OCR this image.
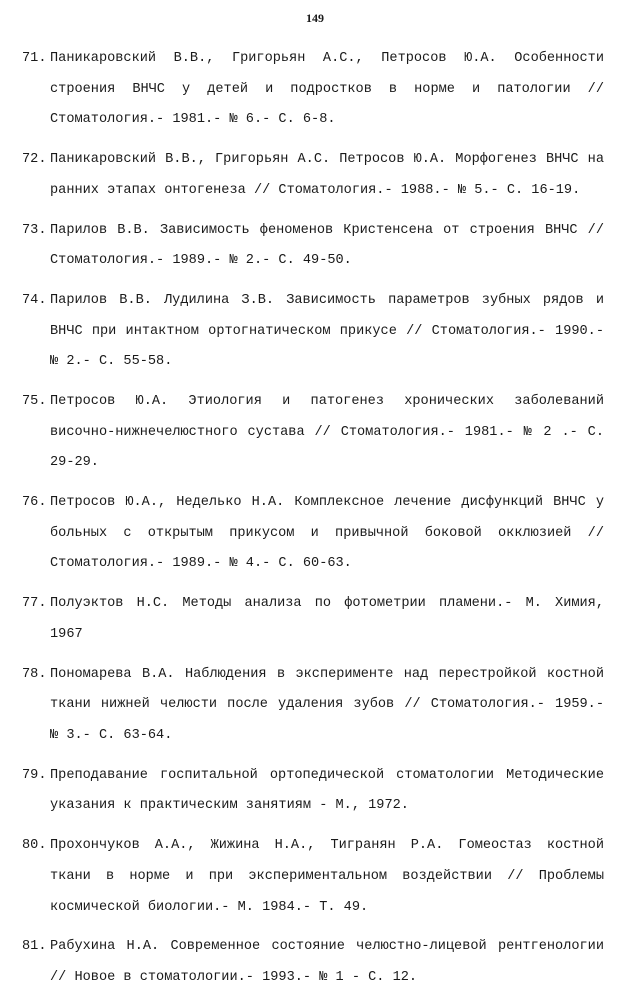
149
71. Паникаровский В.В., Григорьян А.С., Петросов Ю.А. Особенности строения ВНЧС у детей и подростков в норме и патологии // Стоматология.- 1981.- № 6.- С. 6-8.
72. Паникаровский В.В., Григорьян А.С. Петросов Ю.А. Морфогенез ВНЧС на ранних этапах онтогенеза // Стоматология.- 1988.- № 5.- С. 16-19.
73. Парилов В.В. Зависимость феноменов Кристенсена от строения ВНЧС // Стоматология.- 1989.- № 2.- С. 49-50.
74. Парилов В.В. Лудилина З.В. Зависимость параметров зубных рядов и ВНЧС при интактном ортогнатическом прикусе // Стоматология.- 1990.- № 2.- С. 55-58.
75. Петросов Ю.А. Этиология и патогенез хронических заболеваний височно-нижнечелюстного сустава // Стоматология.- 1981.- № 2 .- С. 29-29.
76. Петросов Ю.А., Неделько Н.А. Комплексное лечение дисфункций ВНЧС у больных с открытым прикусом и привычной боковой окклюзией // Стоматология.- 1989.- № 4.- С. 60-63.
77. Полуэктов Н.С. Методы анализа по фотометрии пламени.- М. Химия, 1967
78. Пономарева В.А. Наблюдения в эксперименте над перестройкой костной ткани нижней челюсти после удаления зубов // Стоматология.- 1959.- № 3.- С. 63-64.
79. Преподавание госпитальной ортопедической стоматологии Методические указания к практическим занятиям - М., 1972.
80. Прохончуков А.А., Жижина Н.А., Тигранян Р.А. Гомеостаз костной ткани в норме и при экспериментальном воздействии // Проблемы космической биологии.- М. 1984.- Т. 49.
81. Рабухина Н.А. Современное состояние челюстно-лицевой рентгенологии // Новое в стоматологии.- 1993.- № 1 - С. 12.
